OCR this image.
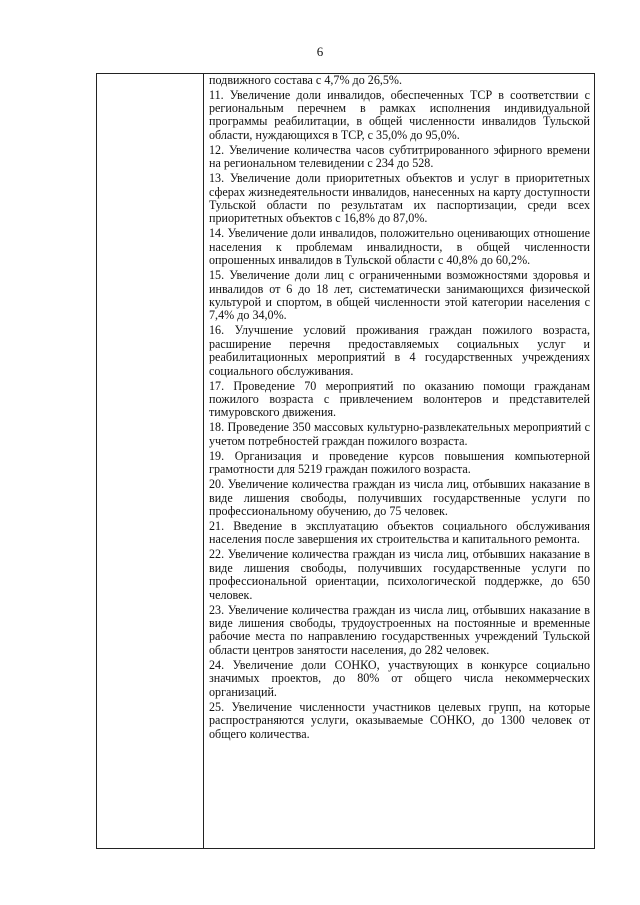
6

подвижного состава с 4,7% до 26,5%.

11. Увеличение доли инвалидов, обеспеченных ТСР в соответствии с региональным перечнем в рамках исполнения индивидуальной программы реабилитации, в общей численности инвалидов Тульской области, нуждающихся в ТСР, с 35,0% до 95,0%.

12. Увеличение количества часов субтитрированного эфирного времени на региональном телевидении с 234 до 528.

13. Увеличение доли приоритетных объектов и услуг в приоритетных сферах жизнедеятельности инвалидов, нанесенных на карту доступности Тульской области по результатам их паспортизации, среди всех приоритетных объектов с 16,8% до 87,0%.

14. Увеличение доли инвалидов, положительно оценивающих отношение населения к проблемам инвалидности, в общей численности опрошенных инвалидов в Тульской области с 40,8% до 60,2%.

15. Увеличение доли лиц с ограниченными возможностями здоровья и инвалидов от 6 до 18 лет, систематически занимающихся физической культурой и спортом, в общей численности этой категории населения с 7,4% до 34,0%.

16. Улучшение условий проживания граждан пожилого возраста, расширение перечня предоставляемых социальных услуг и реабилитационных мероприятий в 4 государственных учреждениях социального обслуживания.

17. Проведение 70 мероприятий по оказанию помощи гражданам пожилого возраста с привлечением волонтеров и представителей тимуровского движения.

18. Проведение 350 массовых культурно-развлекательных мероприятий с учетом потребностей граждан пожилого возраста.

19. Организация и проведение курсов повышения компьютерной грамотности для 5219 граждан пожилого возраста.

20. Увеличение количества граждан из числа лиц, отбывших наказание в виде лишения свободы, получивших государственные услуги по профессиональному обучению, до 75 человек.

21. Введение в эксплуатацию объектов социального обслуживания населения после завершения их строительства и капитального ремонта.

22. Увеличение количества граждан из числа лиц, отбывших наказание в виде лишения свободы, получивших государственные услуги по профессиональной ориентации, психологической поддержке, до 650 человек.

23. Увеличение количества граждан из числа лиц, отбывших наказание в виде лишения свободы, трудоустроенных на постоянные и временные рабочие места по направлению государственных учреждений Тульской области центров занятости населения, до 282 человек.

24. Увеличение доли СОНКО, участвующих в конкурсе социально значимых проектов, до 80% от общего числа некоммерческих организаций.

25. Увеличение численности участников целевых групп, на которые распространяются услуги, оказываемые СОНКО, до 1300 человек от общего количества.
